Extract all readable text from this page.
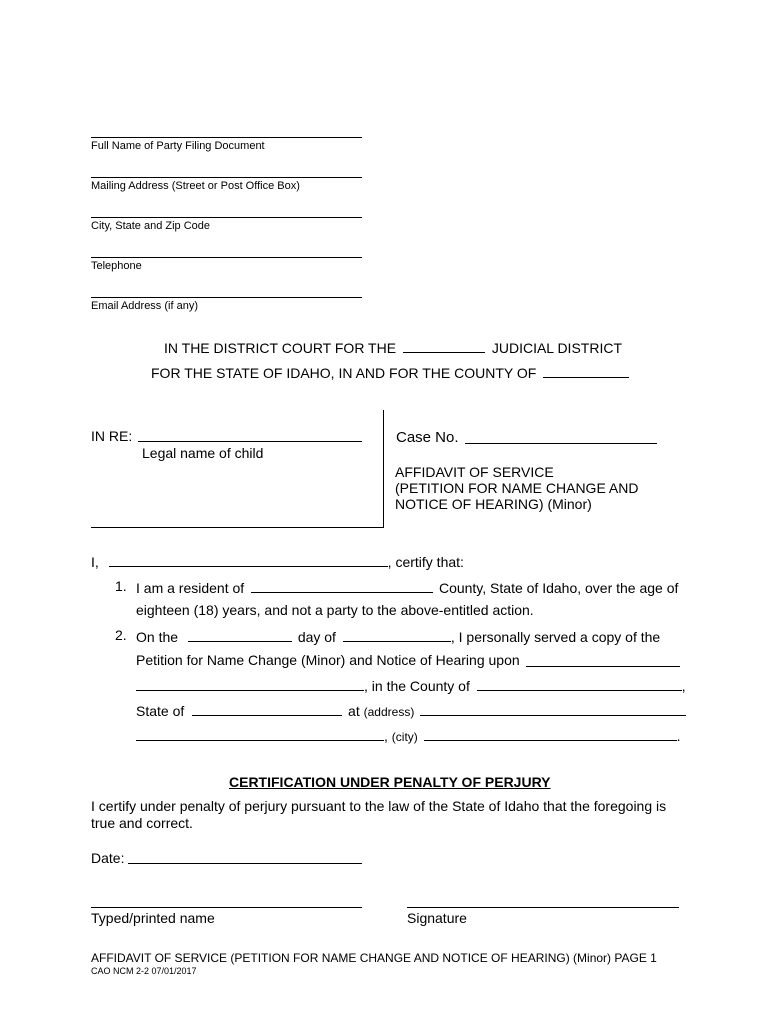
Full Name of Party Filing Document
Mailing Address (Street or Post Office Box)
City, State and Zip Code
Telephone
Email Address (if any)
IN THE DISTRICT COURT FOR THE	JUDICIAL DISTRICT
FOR THE STATE OF IDAHO, IN AND FOR THE COUNTY OF
IN RE:
Legal name of child
Case No.
AFFIDAVIT OF SERVICE
(PETITION FOR NAME CHANGE AND
NOTICE OF HEARING) (Minor)
I,	, certify that:
1. I am a resident of	County, State of Idaho, over the age of
eighteen (18) years, and not a party to the above-entitled action.
2. On the	day of	, I personally served a copy of the
Petition for Name Change (Minor) and Notice of Hearing upon
, in the County of	,
State of	at (address)
, (city)	.
CERTIFICATION UNDER PENALTY OF PERJURY
I certify under penalty of perjury pursuant to the law of the State of Idaho that the foregoing is true and correct.
Date:
Typed/printed name	Signature
AFFIDAVIT OF SERVICE (PETITION FOR NAME CHANGE AND NOTICE OF HEARING) (Minor) PAGE 1
CAO NCM 2-2 07/01/2017
